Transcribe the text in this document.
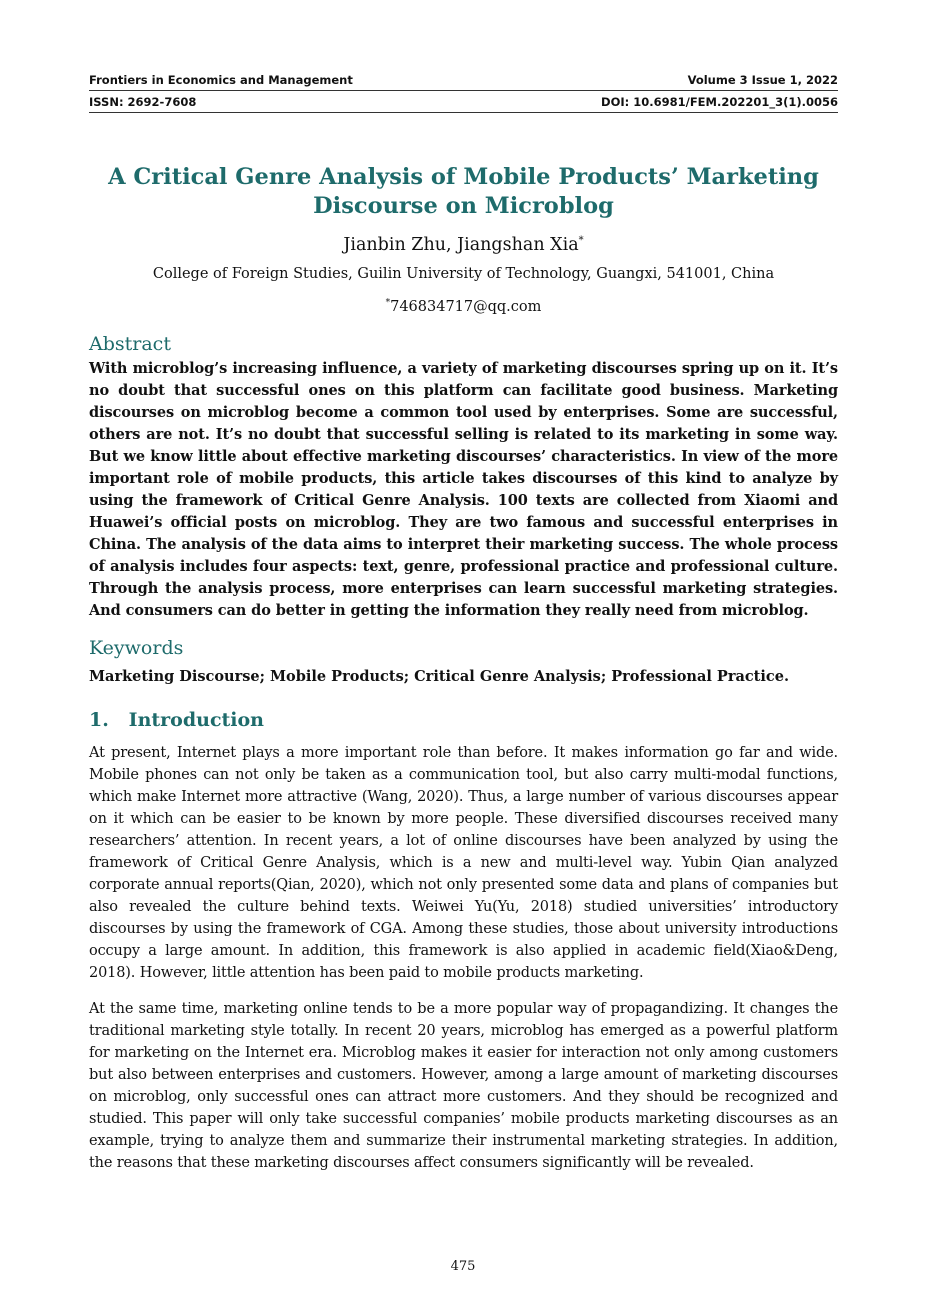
Frontiers in Economics and Management	Volume 3 Issue 1, 2022
ISSN: 2692-7608	DOI: 10.6981/FEM.202201_3(1).0056
A Critical Genre Analysis of Mobile Products’ Marketing
Discourse on Microblog
Jianbin Zhu, Jiangshan Xia*
College of Foreign Studies, Guilin University of Technology, Guangxi, 541001, China
*746834717@qq.com
Abstract
With microblog’s increasing influence, a variety of marketing discourses spring up on it. It’s no doubt that successful ones on this platform can facilitate good business. Marketing discourses on microblog become a common tool used by enterprises. Some are successful, others are not. It’s no doubt that successful selling is related to its marketing in some way. But we know little about effective marketing discourses’ characteristics. In view of the more important role of mobile products, this article takes discourses of this kind to analyze by using the framework of Critical Genre Analysis. 100 texts are collected from Xiaomi and Huawei’s official posts on microblog. They are two famous and successful enterprises in China. The analysis of the data aims to interpret their marketing success. The whole process of analysis includes four aspects: text, genre, professional practice and professional culture. Through the analysis process, more enterprises can learn successful marketing strategies. And consumers can do better in getting the information they really need from microblog.
Keywords
Marketing Discourse; Mobile Products; Critical Genre Analysis; Professional Practice.
1.   Introduction

At present, Internet plays a more important role than before. It makes information go far and wide. Mobile phones can not only be taken as a communication tool, but also carry multi-modal functions, which make Internet more attractive (Wang, 2020). Thus, a large number of various discourses appear on it which can be easier to be known by more people. These diversified discourses received many researchers’ attention. In recent years, a lot of online discourses have been analyzed by using the framework of Critical Genre Analysis, which is a new and multi-level way. Yubin Qian analyzed corporate annual reports(Qian, 2020), which not only presented some data and plans of companies but also revealed the culture behind texts. Weiwei Yu(Yu, 2018) studied universities’ introductory discourses by using the framework of CGA. Among these studies, those about university introductions occupy a large amount. In addition, this framework is also applied in academic field(Xiao&Deng, 2018). However, little attention has been paid to mobile products marketing.

At the same time, marketing online tends to be a more popular way of propagandizing. It changes the traditional marketing style totally. In recent 20 years, microblog has emerged as a powerful platform for marketing on the Internet era. Microblog makes it easier for interaction not only among customers but also between enterprises and customers. However, among a large amount of marketing discourses on microblog, only successful ones can attract more customers. And they should be recognized and studied. This paper will only take successful companies’ mobile products marketing discourses as an example, trying to analyze them and summarize their instrumental marketing strategies. In addition, the reasons that these marketing discourses affect consumers significantly will be revealed.

475
